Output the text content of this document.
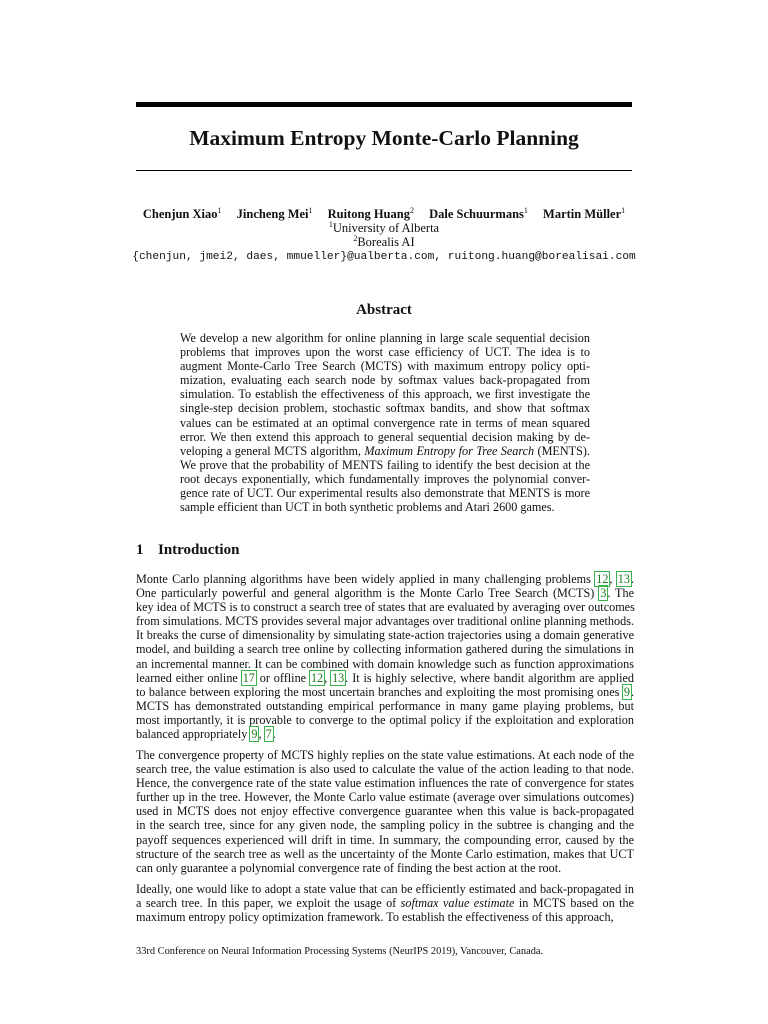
Maximum Entropy Monte-Carlo Planning
Chenjun Xiao$^1$ Jincheng Mei$^1$ Ruitong Huang$^2$ Dale Schuurmans$^1$ Martin Müller$^1$
$^1$University of Alberta
$^2$Borealis AI
{chenjun, jmei2, daes, mmueller}@ualberta.com, ruitong.huang@borealisai.com
Abstract
We develop a new algorithm for online planning in large scale sequential decision
problems that improves upon the worst case efficiency of UCT. The idea is to
augment Monte-Carlo Tree Search (MCTS) with maximum entropy policy opti-
mization, evaluating each search node by softmax values back-propagated from
simulation. To establish the effectiveness of this approach, we first investigate the
single-step decision problem, stochastic softmax bandits, and show that softmax
values can be estimated at an optimal convergence rate in terms of mean squared
error. We then extend this approach to general sequential decision making by de-
veloping a general MCTS algorithm, Maximum Entropy for Tree Search (MENTS).
We prove that the probability of MENTS failing to identify the best decision at the
root decays exponentially, which fundamentally improves the polynomial conver-
gence rate of UCT. Our experimental results also demonstrate that MENTS is more
sample efficient than UCT in both synthetic problems and Atari 2600 games.
1 Introduction
Monte Carlo planning algorithms have been widely applied in many challenging problems 12, 13.
One particularly powerful and general algorithm is the Monte Carlo Tree Search (MCTS) 3. The
key idea of MCTS is to construct a search tree of states that are evaluated by averaging over outcomes
from simulations. MCTS provides several major advantages over traditional online planning methods.
It breaks the curse of dimensionality by simulating state-action trajectories using a domain generative
model, and building a search tree online by collecting information gathered during the simulations in
an incremental manner. It can be combined with domain knowledge such as function approximations
learned either online 17 or offline 12, 13. It is highly selective, where bandit algorithm are applied
to balance between exploring the most uncertain branches and exploiting the most promising ones 9.
MCTS has demonstrated outstanding empirical performance in many game playing problems, but
most importantly, it is provable to converge to the optimal policy if the exploitation and exploration
balanced appropriately 9, 7.
The convergence property of MCTS highly replies on the state value estimations. At each node of the
search tree, the value estimation is also used to calculate the value of the action leading to that node.
Hence, the convergence rate of the state value estimation influences the rate of convergence for states
further up in the tree. However, the Monte Carlo value estimate (average over simulations outcomes)
used in MCTS does not enjoy effective convergence guarantee when this value is back-propagated
in the search tree, since for any given node, the sampling policy in the subtree is changing and the
payoff sequences experienced will drift in time. In summary, the compounding error, caused by the
structure of the search tree as well as the uncertainty of the Monte Carlo estimation, makes that UCT
can only guarantee a polynomial convergence rate of finding the best action at the root.
Ideally, one would like to adopt a state value that can be efficiently estimated and back-propagated in
a search tree. In this paper, we exploit the usage of softmax value estimate in MCTS based on the
maximum entropy policy optimization framework. To establish the effectiveness of this approach,
33rd Conference on Neural Information Processing Systems (NeurIPS 2019), Vancouver, Canada.
